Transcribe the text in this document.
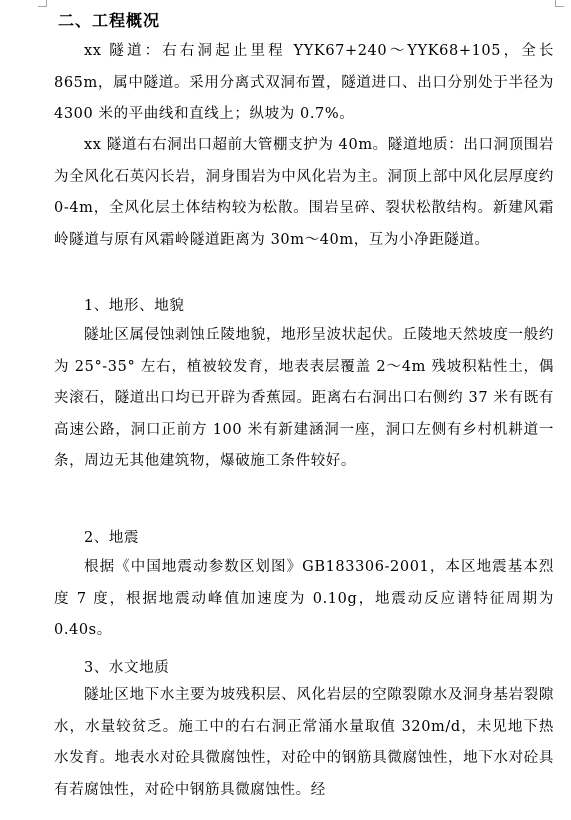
二、工程概况
xx 隧道：右右洞起止里程 YYK67+240～YYK68+105，全长 865m，属中隧道。采用分离式双洞布置，隧道进口、出口分别处于半径为 4300 米的平曲线和直线上；纵坡为 0.7%。
xx 隧道右右洞出口超前大管棚支护为 40m。隧道地质：出口洞顶围岩为全风化石英闪长岩，洞身围岩为中风化岩为主。洞顶上部中风化层厚度约 0-4m，全风化层土体结构较为松散。围岩呈碎、裂状松散结构。新建风霜岭隧道与原有风霜岭隧道距离为 30m～40m，互为小净距隧道。
1、地形、地貌
隧址区属侵蚀剥蚀丘陵地貌，地形呈波状起伏。丘陵地天然坡度一般约为 25°-35° 左右，植被较发育，地表表层覆盖 2～4m 残坡积粘性土，偶夹滚石，隧道出口均已开辟为香蕉园。距离右右洞出口右侧约 37 米有既有高速公路，洞口正前方 100 米有新建涵洞一座，洞口左侧有乡村机耕道一条，周边无其他建筑物，爆破施工条件较好。
2、地震
根据《中国地震动参数区划图》GB183306-2001，本区地震基本烈度 7 度，根据地震动峰值加速度为 0.10g，地震动反应谱特征周期为 0.40s。
3、水文地质
隧址区地下水主要为坡残积层、风化岩层的空隙裂隙水及洞身基岩裂隙水，水量较贫乏。施工中的右右洞正常涌水量取值 320m/d，未见地下热水发育。地表水对砼具微腐蚀性，对砼中的钢筋具微腐蚀性，地下水对砼具有若腐蚀性，对砼中钢筋具微腐蚀性。经
